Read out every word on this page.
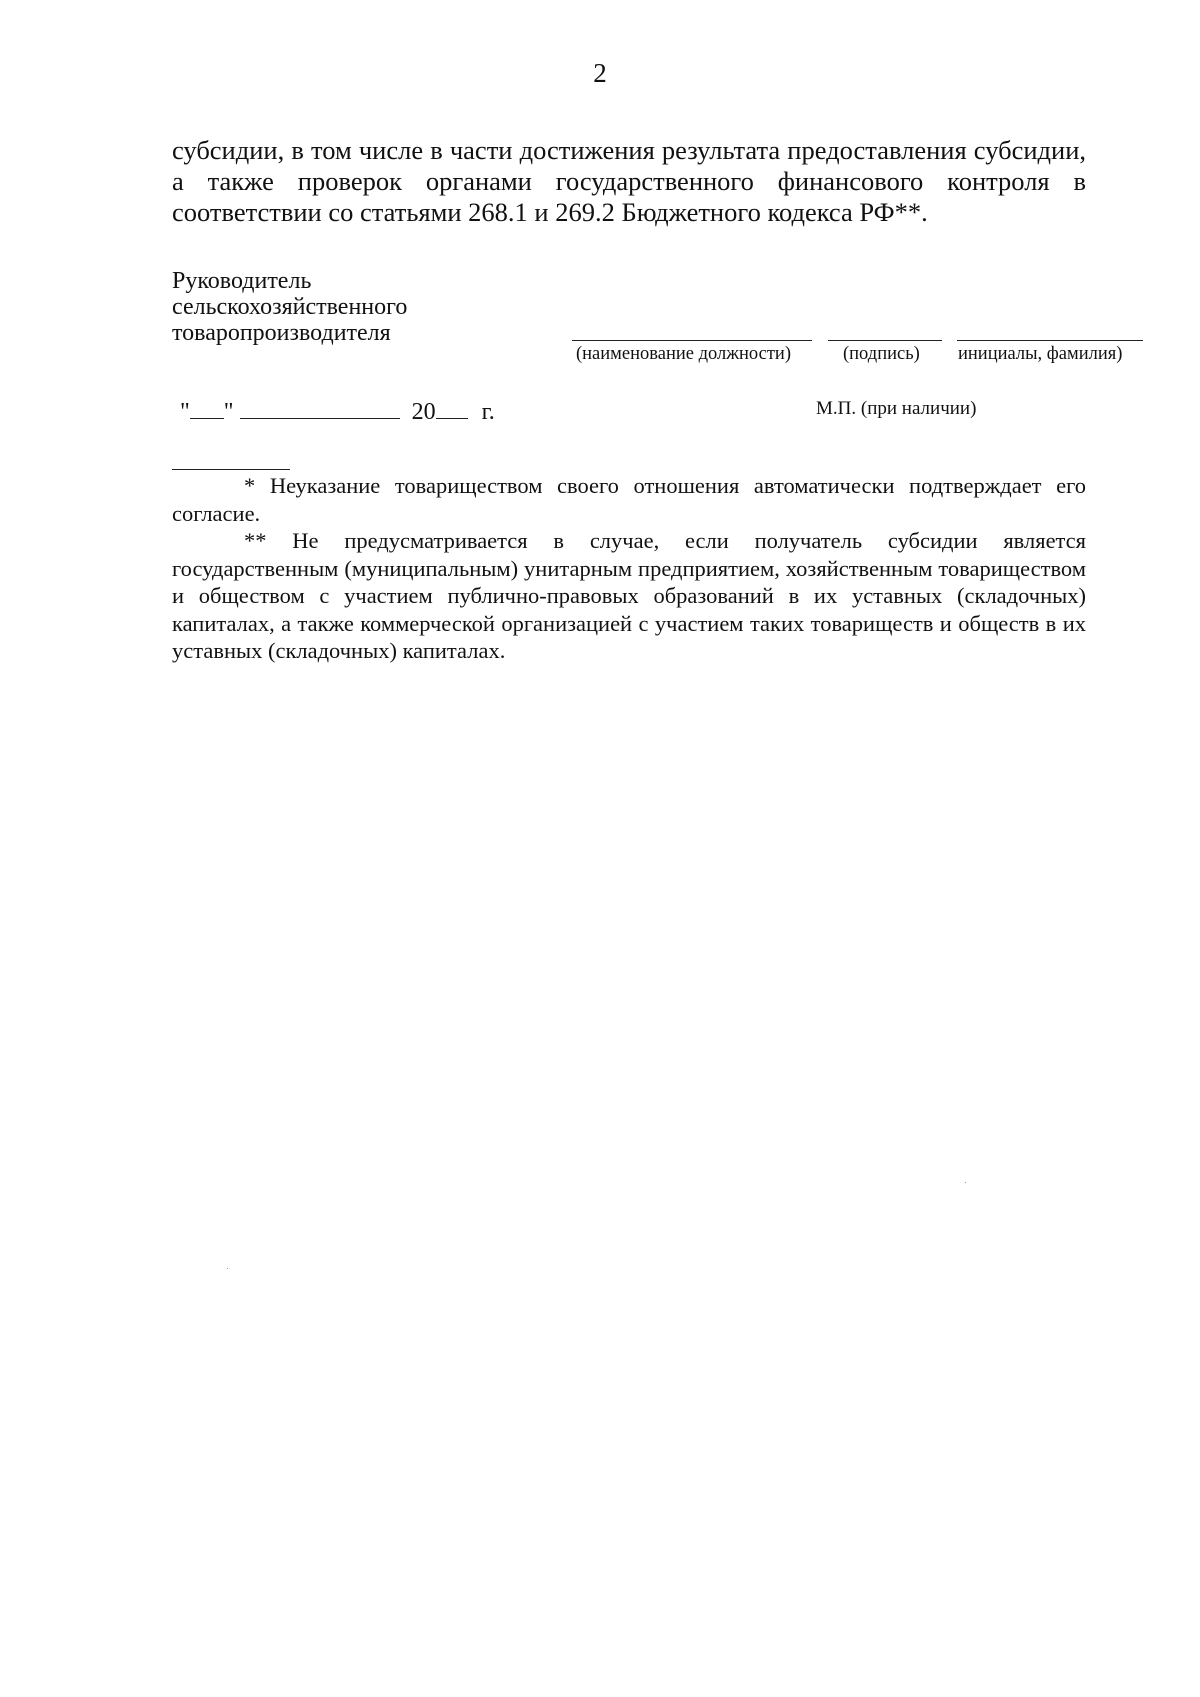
2

субсидии, в том числе в части достижения результата предоставления субсидии, а также проверок органами государственного финансового контроля в соответствии со статьями 268.1 и 269.2 Бюджетного кодекса РФ**.

Руководитель
сельскохозяйственного
товаропроизводителя
(наименование должности)	(подпись) инициалы, фамилия)
" "	20 г.	М.П. (при наличии)

* Неуказание товариществом своего отношения автоматически подтверждает его согласие.

** Не предусматривается в случае, если получатель субсидии является государственным (муниципальным) унитарным предприятием, хозяйственным товариществом и обществом с участием публично-правовых образований в их уставных (складочных) капиталах, а также коммерческой организацией с участием таких товариществ и обществ в их уставных (складочных) капиталах.
